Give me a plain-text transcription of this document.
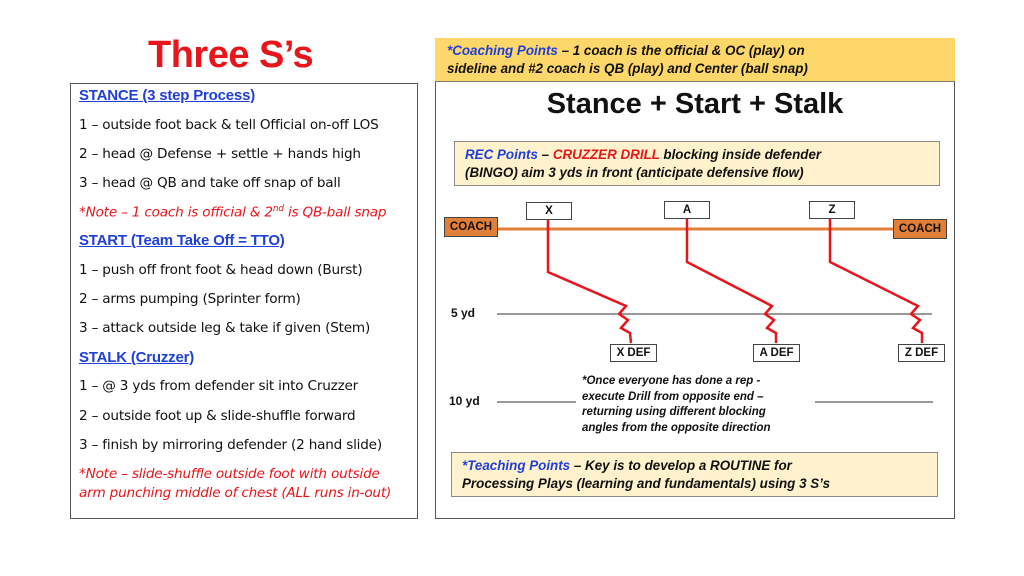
Three S’s
STANCE (3 step Process)
1 – outside foot back & tell Official on-off LOS
2 – head @ Defense + settle + hands high
3 – head @ QB and take off snap of ball
*Note – 1 coach is official & 2nd is QB-ball snap
START (Team Take Off = TTO)
1 – push off front foot & head down (Burst)
2 – arms pumping (Sprinter form)
3 – attack outside leg & take if given (Stem)
STALK (Cruzzer)
1 – @ 3 yds from defender sit into Cruzzer
2 – outside foot up & slide-shuffle forward
3 – finish by mirroring defender (2 hand slide)
*Note – slide-shuffle outside foot with outside
arm punching middle of chest (ALL runs in-out)
*Coaching Points – 1 coach is the official & OC (play) on
sideline and #2 coach is QB (play) and Center (ball snap)
Stance + Start + Stalk
REC Points – CRUZZER DRILL blocking inside defender
(BINGO) aim 3 yds in front (anticipate defensive flow)
X	A	Z
COACH	COACH
5 yd
10 yd
X DEF	A DEF	Z DEF
*Once everyone has done a rep -
execute Drill from opposite end –
returning using different blocking
angles from the opposite direction
*Teaching Points – Key is to develop a ROUTINE for
Processing Plays (learning and fundamentals) using 3 S’s
